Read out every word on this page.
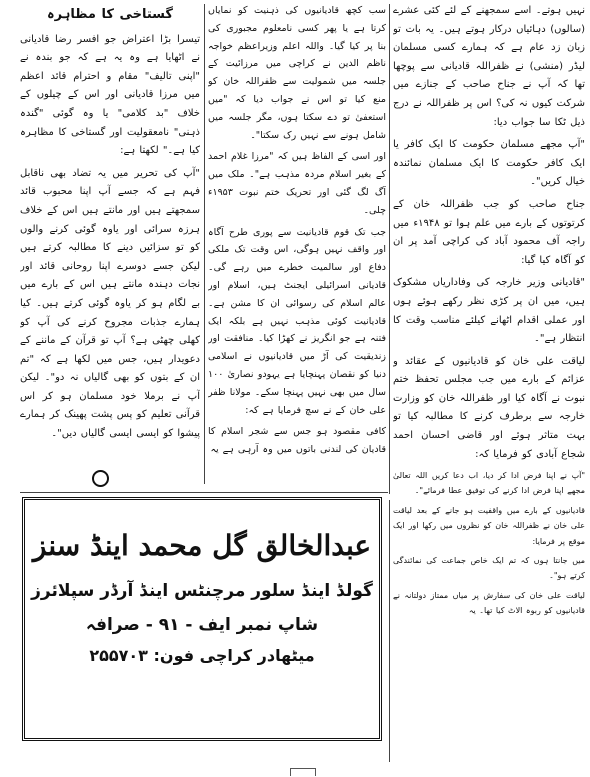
نہیں ہوتے۔ اسے سمجھنے کے لئے کئی عشرے (سالوں) دہائیاں درکار ہوتے ہیں۔ یہ بات تو زبان زد عام ہے کہ ہمارے کسی مسلمان لیڈر (منشی) نے ظفراللہ قادیانی سے پوچھا تھا کہ آپ نے جناح صاحب کے جنازے میں شرکت کیوں نہ کی؟ اس پر ظفراللہ نے درج ذیل ٹکا سا جواب دیا:

"آپ مجھے مسلمان حکومت کا ایک کافر یا ایک کافر حکومت کا ایک مسلمان نمائندہ خیال کریں"۔

جناح صاحب کو جب ظفراللہ خان کے کرتوتوں کے بارے میں علم ہوا تو ۱۹۴۸ء میں راجہ آف محمود آباد کی کراچی آمد پر ان کو آگاہ کیا گیا:

"قادیانی وزیر خارجہ کی وفاداریاں مشکوک ہیں، میں ان پر کڑی نظر رکھے ہوئے ہوں اور عملی اقدام اٹھانے کیلئے مناسب وقت کا انتظار ہے"۔

لیاقت علی خان کو قادیانیوں کے عقائد و عزائم کے بارے میں جب مجلس تحفظ ختم نبوت نے آگاہ کیا اور ظفراللہ خان کو وزارت خارجہ سے برطرف کرنے کا مطالبہ کیا تو بہت متاثر ہوئے اور قاضی احسان احمد شجاع آبادی کو فرمایا کہ:

سب کچھ قادیانیوں کی ذہنیت کو نمایاں کرتا ہے یا پھر کسی نامعلوم مجبوری کی بنا پر کیا گیا۔ واللہ اعلم وزیراعظم خواجہ ناظم الدین نے کراچی میں مرزائیت کے جلسہ میں شمولیت سے ظفراللہ خان کو منع کیا تو اس نے جواب دیا کہ "میں استعفیٰ تو دے سکتا ہوں، مگر جلسہ میں شامل ہونے سے نہیں رک سکتا"۔

اور اسی کے الفاظ ہیں کہ "مرزا غلام احمد کے بغیر اسلام مردہ مذہب ہے"۔ ملک میں آگ لگ گئی اور تحریک ختم نبوت ۱۹۵۳ء چلی۔

جب تک قوم قادیانیت سے پوری طرح آگاہ اور واقف نہیں ہوگی، اس وقت تک ملکی دفاع اور سالمیت خطرے میں رہے گی۔ قادیانی اسرائیلی ایجنٹ ہیں، اسلام اور عالم اسلام کی رسوائی ان کا مشن ہے۔ قادیانیت کوئی مذہب نہیں ہے بلکہ ایک فتنہ ہے جو انگریز نے کھڑا کیا۔ منافقت اور زندیقیت کی آڑ میں قادیانیوں نے اسلامی دنیا کو نقصان پہنچایا ہے یہودو نصاریٰ ۱۰۰ سال میں بھی نہیں پہنچا سکے۔ مولانا ظفر علی خان کے نے سچ فرمایا ہے کہ:

کافی مقصود ہو جس سے شجر اسلام کا قادیان کی لندنی باتوں میں وہ آرہی ہے یہ

گستاخی کا مظاہرہ

تیسرا بڑا اعتراض جو افسر رضا قادیانی نے اٹھایا ہے وہ یہ ہے کہ جو بندہ نے "اپنی تالیف" مقام و احترام قائد اعظم میں مرزا قادیانی اور اس کے چیلوں کے خلاف "بد کلامی" یا وہ گوئی "گندہ ذہنی" نامعقولیت اور گستاخی کا مظاہرہ کیا ہے۔" لکھتا ہے:

"آپ کی تحریر میں یہ تضاد بھی ناقابل فہم ہے کہ جسے آپ اپنا محبوب قائد سمجھتے ہیں اور مانتے ہیں اس کے خلاف ہرزہ سرائی اور یاوہ گوئی کرنے والوں کو تو سزائیں دینے کا مطالبہ کرتے ہیں لیکن جسے دوسرے اپنا روحانی قائد اور نجات دہندہ مانتے ہیں اس کے بارے میں بے لگام ہو کر یاوہ گوئی کرتے ہیں۔ کیا ہمارے جذبات مجروح کرنے کی آپ کو کھلی چھٹی ہے؟ آپ تو قرآن کے ماننے کے دعویدار ہیں، جس میں لکھا ہے کہ "تم ان کے بتوں کو بھی گالیاں نہ دو"۔ لیکن آپ نے برملا خود مسلمان ہو کر اس قرآنی تعلیم کو پس پشت پھینک کر ہمارے پیشوا کو ایسی ایسی گالیاں دیں"۔

عبدالخالق گل محمد اینڈ سنز
گولڈ اینڈ سلور مرچنٹس اینڈ آرڈر سپلائرز
شاپ نمبر ایف - ۹۱ - صرافہ
میٹھادر کراچی فون: ۲۵۵۷۰۳

"آپ نے اپنا فرض ادا کر دیا، اب دعا کریں اللہ تعالیٰ مجھے اپنا فرض ادا کرنے کی توفیق عطا فرمائے"۔

قادیانیوں کے بارے میں واقفیت ہو جانے کے بعد لیاقت علی خان نے ظفراللہ خان کو نظروں میں رکھا اور ایک موقع پر فرمایا:

میں جانتا ہوں کہ تم ایک خاص جماعت کی نمائندگی کرتے ہو"۔

لیاقت علی خان کی سفارش پر میاں ممتاز دولتانہ نے قادیانیوں کو ربوہ الاٹ کیا تھا۔ یہ
